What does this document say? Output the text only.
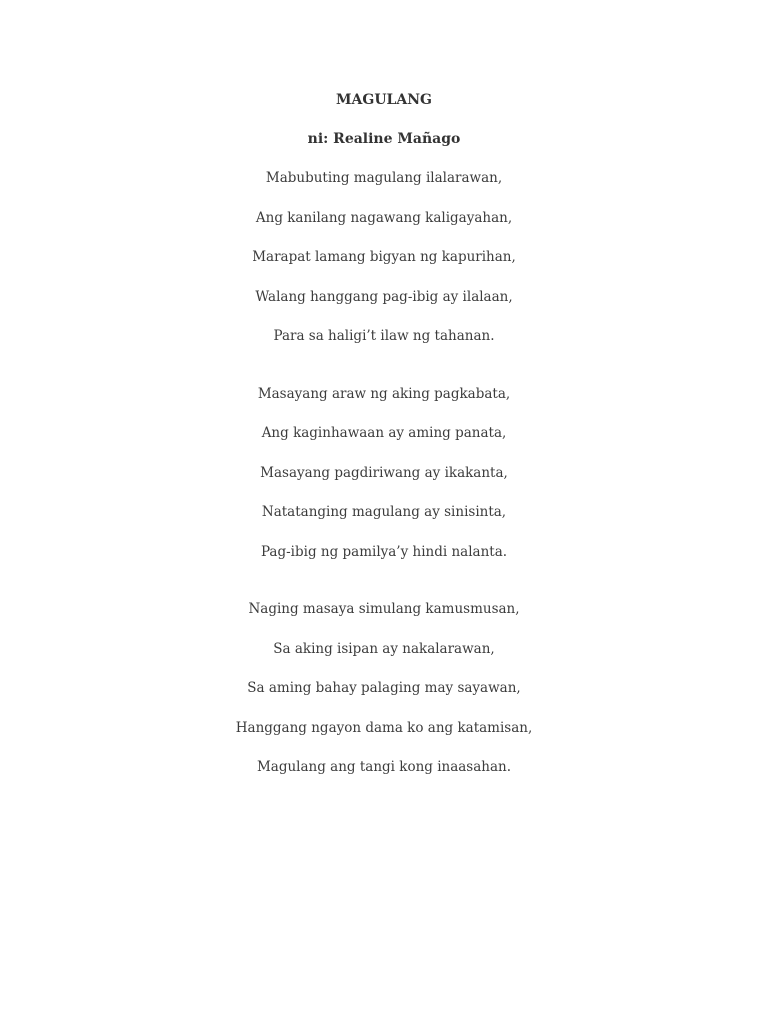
MAGULANG

ni: Realine Mañago

Mabubuting magulang ilalarawan,

Ang kanilang nagawang kaligayahan,

Marapat lamang bigyan ng kapurihan,

Walang hanggang pag-ibig ay ilalaan,

Para sa haligi’t ilaw ng tahanan.

Masayang araw ng aking pagkabata,

Ang kaginhawaan ay aming panata,

Masayang pagdiriwang ay ikakanta,

Natatanging magulang ay sinisinta,

Pag-ibig ng pamilya’y hindi nalanta.

Naging masaya simulang kamusmusan,

Sa aking isipan ay nakalarawan,

Sa aming bahay palaging may sayawan,

Hanggang ngayon dama ko ang katamisan,

Magulang ang tangi kong inaasahan.
